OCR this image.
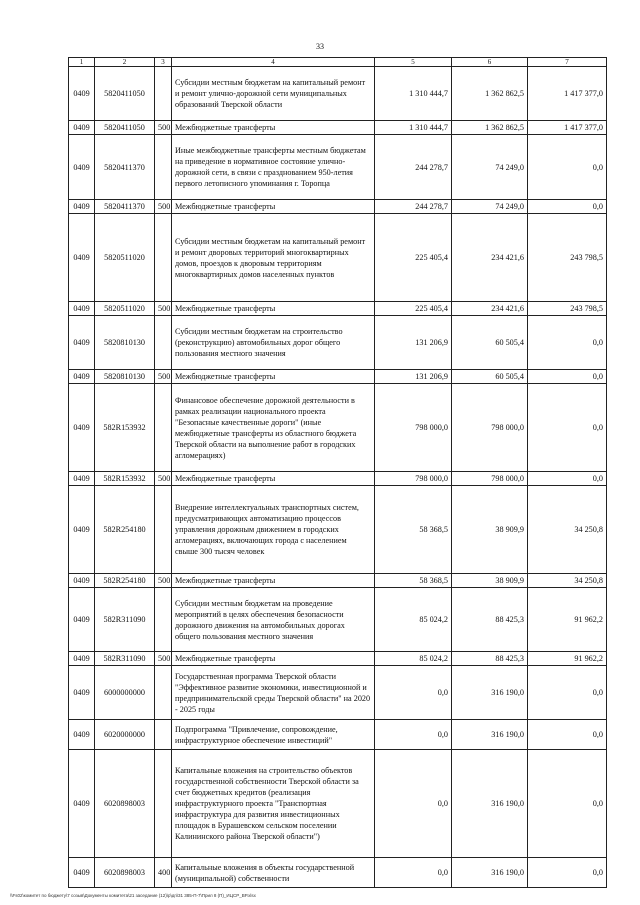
33
1	2	3	4	5	6	7
0409	5820411050		Субсидии местным бюджетам на капитальный ремонт и ремонт улично-дорожной сети муниципальных образований Тверской области	1 310 444,7	1 362 862,5	1 417 377,0
0409	5820411050	500	Межбюджетные трансферты	1 310 444,7	1 362 862,5	1 417 377,0
0409	5820411370		Иные межбюджетные трансферты местным бюджетам на приведение в нормативное состояние улично-дорожной сети, в связи с празднованием 950-летия первого летописного упоминания г. Торопца	244 278,7	74 249,0	0,0
0409	5820411370	500	Межбюджетные трансферты	244 278,7	74 249,0	0,0
0409	5820511020		Субсидии местным бюджетам на капитальный ремонт и ремонт дворовых территорий многоквартирных домов, проездов к дворовым территориям многоквартирных домов населенных пунктов	225 405,4	234 421,6	243 798,5
0409	5820511020	500	Межбюджетные трансферты	225 405,4	234 421,6	243 798,5
0409	5820810130		Субсидии местным бюджетам на строительство (реконструкцию) автомобильных дорог общего пользования местного значения	131 206,9	60 505,4	0,0
0409	5820810130	500	Межбюджетные трансферты	131 206,9	60 505,4	0,0
0409	582R153932		Финансовое обеспечение дорожной деятельности в рамках реализации национального проекта "Безопасные качественные дороги" (иные межбюджетные трансферты из областного бюджета Тверской области на выполнение работ в городских агломерациях)	798 000,0	798 000,0	0,0
0409	582R153932	500	Межбюджетные трансферты	798 000,0	798 000,0	0,0
0409	582R254180		Внедрение интеллектуальных транспортных систем, предусматривающих автоматизацию процессов управления дорожным движением в городских агломерациях, включающих города с населением свыше 300 тысяч человек	58 368,5	38 909,9	34 250,8
0409	582R254180	500	Межбюджетные трансферты	58 368,5	38 909,9	34 250,8
0409	582R311090		Субсидии местным бюджетам на проведение мероприятий в целях обеспечения безопасности дорожного движения на автомобильных дорогах общего пользования местного значения	85 024,2	88 425,3	91 962,2
0409	582R311090	500	Межбюджетные трансферты	85 024,2	88 425,3	91 962,2
0409	6000000000		Государственная программа Тверской области "Эффективное развитие экономики, инвестиционной и предпринимательской среды Тверской области" на 2020 - 2025 годы	0,0	316 190,0	0,0
0409	6020000000		Подпрограмма "Привлечение, сопровождение, инфраструктурное обеспечение инвестиций"	0,0	316 190,0	0,0
0409	6020898003		Капитальные вложения на строительство объектов государственной собственности Тверской области за счет бюджетных кредитов (реализация инфраструктурного проекта "Транспортная инфраструктура для развития инвестиционных площадок в Бурашевском сельском поселении Калининского района Тверской области")	0,0	316 190,0	0,0
0409	6020898003	400	Капитальные вложения в объекты государственной (муниципальной) собственности	0,0	316 190,0	0,0
\\Fs02\комитет по бюджету\7 созыв\Документы комитета\21 заседание (12)\р\дп\31 385-П-7\Прил 8 (П)_ИЦСР_ВР.xlsx
